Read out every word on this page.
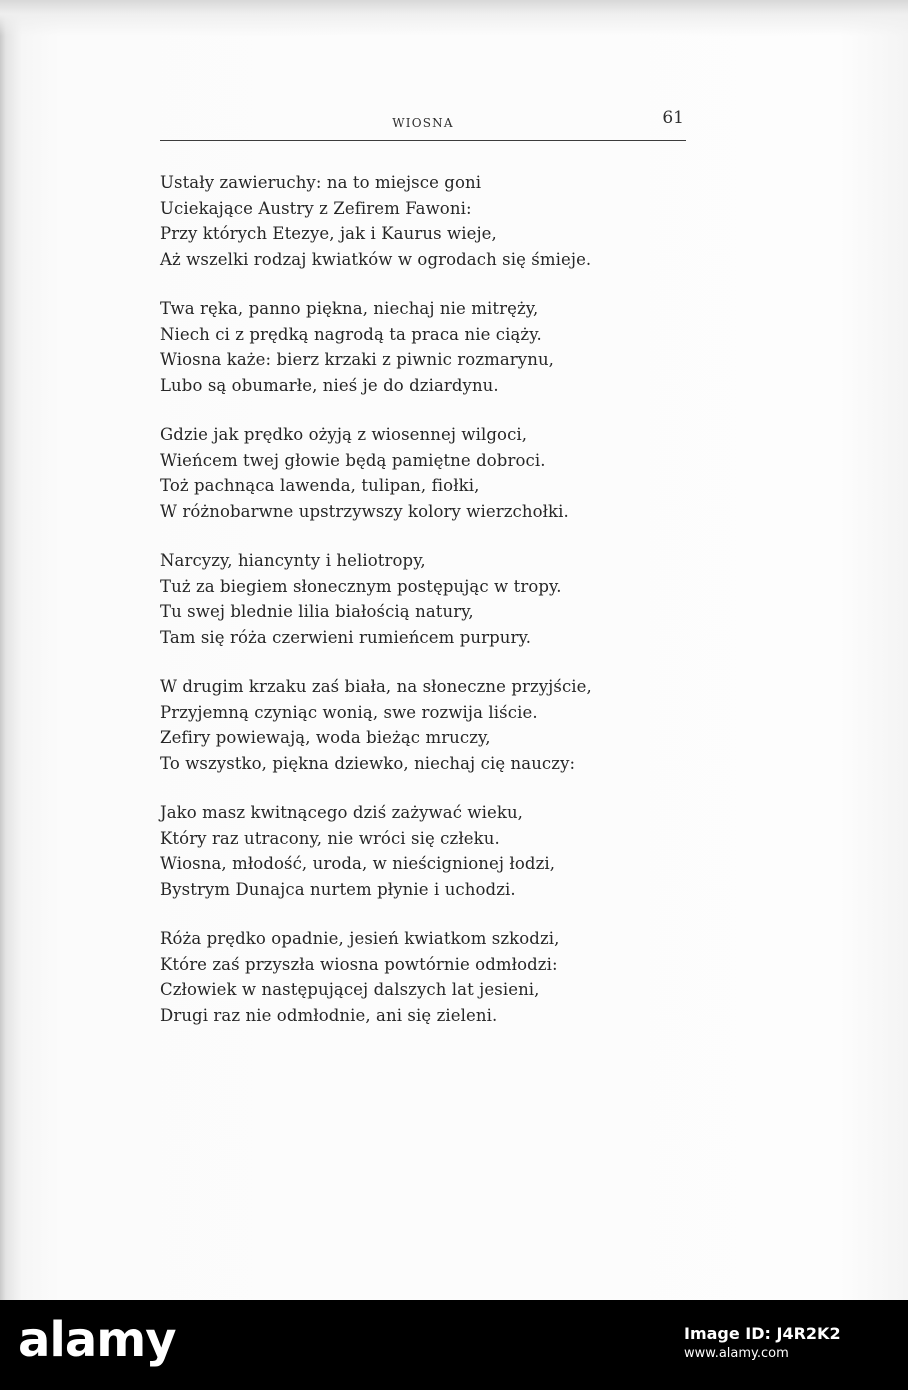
WIOSNA	61
Ustały zawieruchy: na to miejsce goni
Uciekające Austry z Zefirem Fawoni:
Przy których Etezye, jak i Kaurus wieje,
Aż wszelki rodzaj kwiatków w ogrodach się śmieje.
Twa ręka, panno piękna, niechaj nie mitręży,
Niech ci z prędką nagrodą ta praca nie ciąży.
Wiosna każe: bierz krzaki z piwnic rozmarynu,
Lubo są obumarłe, nieś je do dziardynu.
Gdzie jak prędko ożyją z wiosennej wilgoci,
Wieńcem twej głowie będą pamiętne dobroci.
Toż pachnąca lawenda, tulipan, fiołki,
W różnobarwne upstrzywszy kolory wierzchołki.
Narcyzy, hiancynty i heliotropy,
Tuż za biegiem słonecznym postępując w tropy.
Tu swej blednie lilia białością natury,
Tam się róża czerwieni rumieńcem purpury.
W drugim krzaku zaś biała, na słoneczne przyjście,
Przyjemną czyniąc wonią, swe rozwija liście.
Zefiry powiewają, woda bieżąc mruczy,
To wszystko, piękna dziewko, niechaj cię nauczy:
Jako masz kwitnącego dziś zażywać wieku,
Który raz utracony, nie wróci się człeku.
Wiosna, młodość, uroda, w nieścignionej łodzi,
Bystrym Dunajca nurtem płynie i uchodzi.
Róża prędko opadnie, jesień kwiatkom szkodzi,
Które zaś przyszła wiosna powtórnie odmłodzi:
Człowiek w następującej dalszych lat jesieni,
Drugi raz nie odmłodnie, ani się zieleni.
alamy	Image ID: J4R2K2
www.alamy.com
